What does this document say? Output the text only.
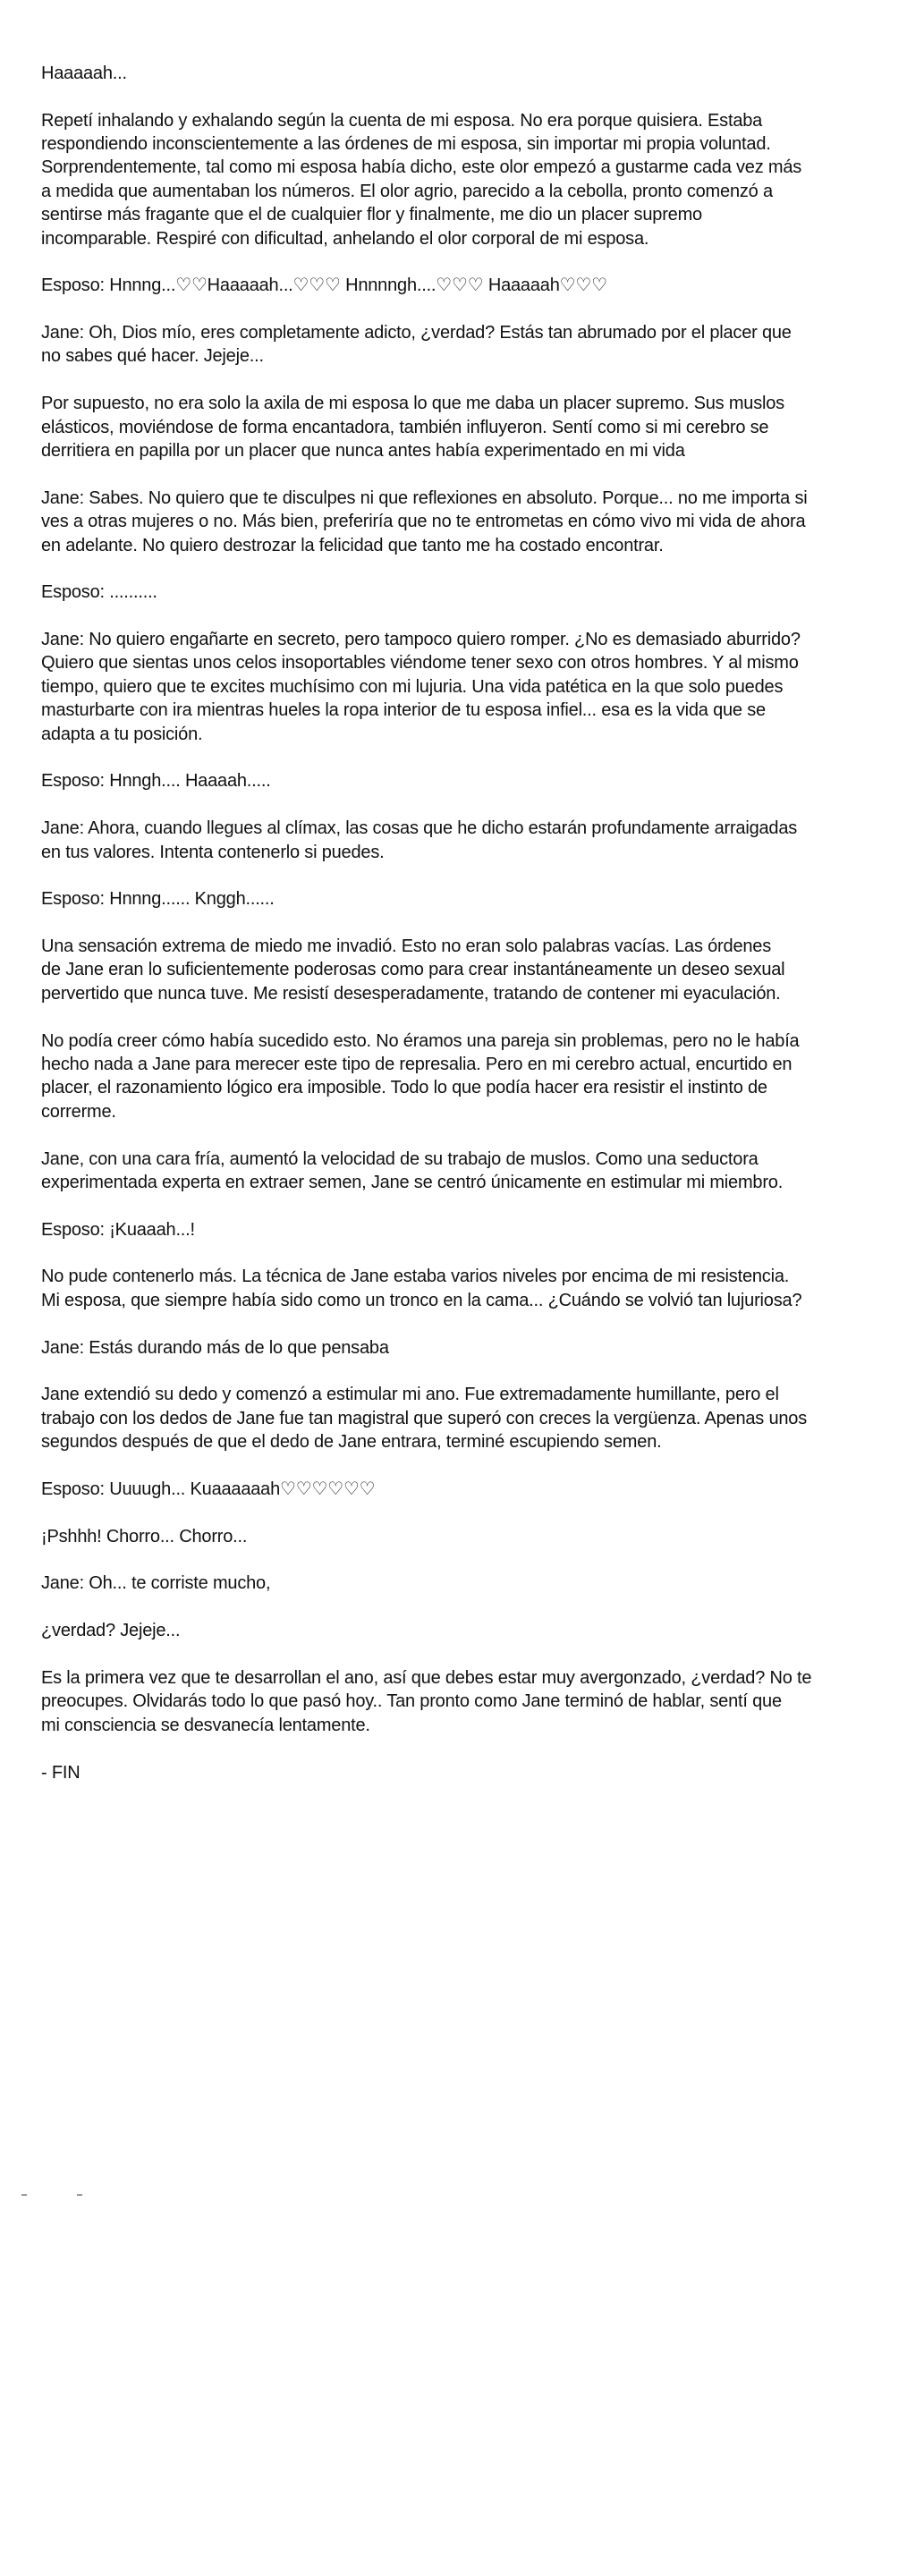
Haaaaah...
Repetí inhalando y exhalando según la cuenta de mi esposa. No era porque quisiera. Estaba
respondiendo inconscientemente a las órdenes de mi esposa, sin importar mi propia voluntad.
Sorprendentemente, tal como mi esposa había dicho, este olor empezó a gustarme cada vez más
a medida que aumentaban los números. El olor agrio, parecido a la cebolla, pronto comenzó a
sentirse más fragante que el de cualquier flor y finalmente, me dio un placer supremo
incomparable. Respiré con dificultad, anhelando el olor corporal de mi esposa.
Esposo: Hnnng...♡♡Haaaaah...♡♡♡ Hnnnngh....♡♡♡ Haaaaah♡♡♡
Jane: Oh, Dios mío, eres completamente adicto, ¿verdad? Estás tan abrumado por el placer que
no sabes qué hacer. Jejeje...
Por supuesto, no era solo la axila de mi esposa lo que me daba un placer supremo. Sus muslos
elásticos, moviéndose de forma encantadora, también influyeron. Sentí como si mi cerebro se
derritiera en papilla por un placer que nunca antes había experimentado en mi vida
Jane: Sabes. No quiero que te disculpes ni que reflexiones en absoluto. Porque... no me importa si
ves a otras mujeres o no. Más bien, preferiría que no te entrometas en cómo vivo mi vida de ahora
en adelante. No quiero destrozar la felicidad que tanto me ha costado encontrar.
Esposo: ..........
Jane: No quiero engañarte en secreto, pero tampoco quiero romper. ¿No es demasiado aburrido?
Quiero que sientas unos celos insoportables viéndome tener sexo con otros hombres. Y al mismo
tiempo, quiero que te excites muchísimo con mi lujuria. Una vida patética en la que solo puedes
masturbarte con ira mientras hueles la ropa interior de tu esposa infiel... esa es la vida que se
adapta a tu posición.
Esposo: Hnngh.... Haaaah.....
Jane: Ahora, cuando llegues al clímax, las cosas que he dicho estarán profundamente arraigadas
en tus valores. Intenta contenerlo si puedes.
Esposo: Hnnng...... Knggh......
Una sensación extrema de miedo me invadió. Esto no eran solo palabras vacías. Las órdenes
de Jane eran lo suficientemente poderosas como para crear instantáneamente un deseo sexual
pervertido que nunca tuve. Me resistí desesperadamente, tratando de contener mi eyaculación.
No podía creer cómo había sucedido esto. No éramos una pareja sin problemas, pero no le había
hecho nada a Jane para merecer este tipo de represalia. Pero en mi cerebro actual, encurtido en
placer, el razonamiento lógico era imposible. Todo lo que podía hacer era resistir el instinto de
correrme.
Jane, con una cara fría, aumentó la velocidad de su trabajo de muslos. Como una seductora
experimentada experta en extraer semen, Jane se centró únicamente en estimular mi miembro.
Esposo: ¡Kuaaah...!
No pude contenerlo más. La técnica de Jane estaba varios niveles por encima de mi resistencia.
Mi esposa, que siempre había sido como un tronco en la cama... ¿Cuándo se volvió tan lujuriosa?
Jane: Estás durando más de lo que pensaba
Jane extendió su dedo y comenzó a estimular mi ano. Fue extremadamente humillante, pero el
trabajo con los dedos de Jane fue tan magistral que superó con creces la vergüenza. Apenas unos
segundos después de que el dedo de Jane entrara, terminé escupiendo semen.
Esposo: Uuuugh... Kuaaaaaah♡♡♡♡♡♡
¡Pshhh! Chorro... Chorro...
Jane: Oh... te corriste mucho,
¿verdad? Jejeje...
Es la primera vez que te desarrollan el ano, así que debes estar muy avergonzado, ¿verdad? No te
preocupes. Olvidarás todo lo que pasó hoy.. Tan pronto como Jane terminó de hablar, sentí que
mi consciencia se desvanecía lentamente.
- FIN
